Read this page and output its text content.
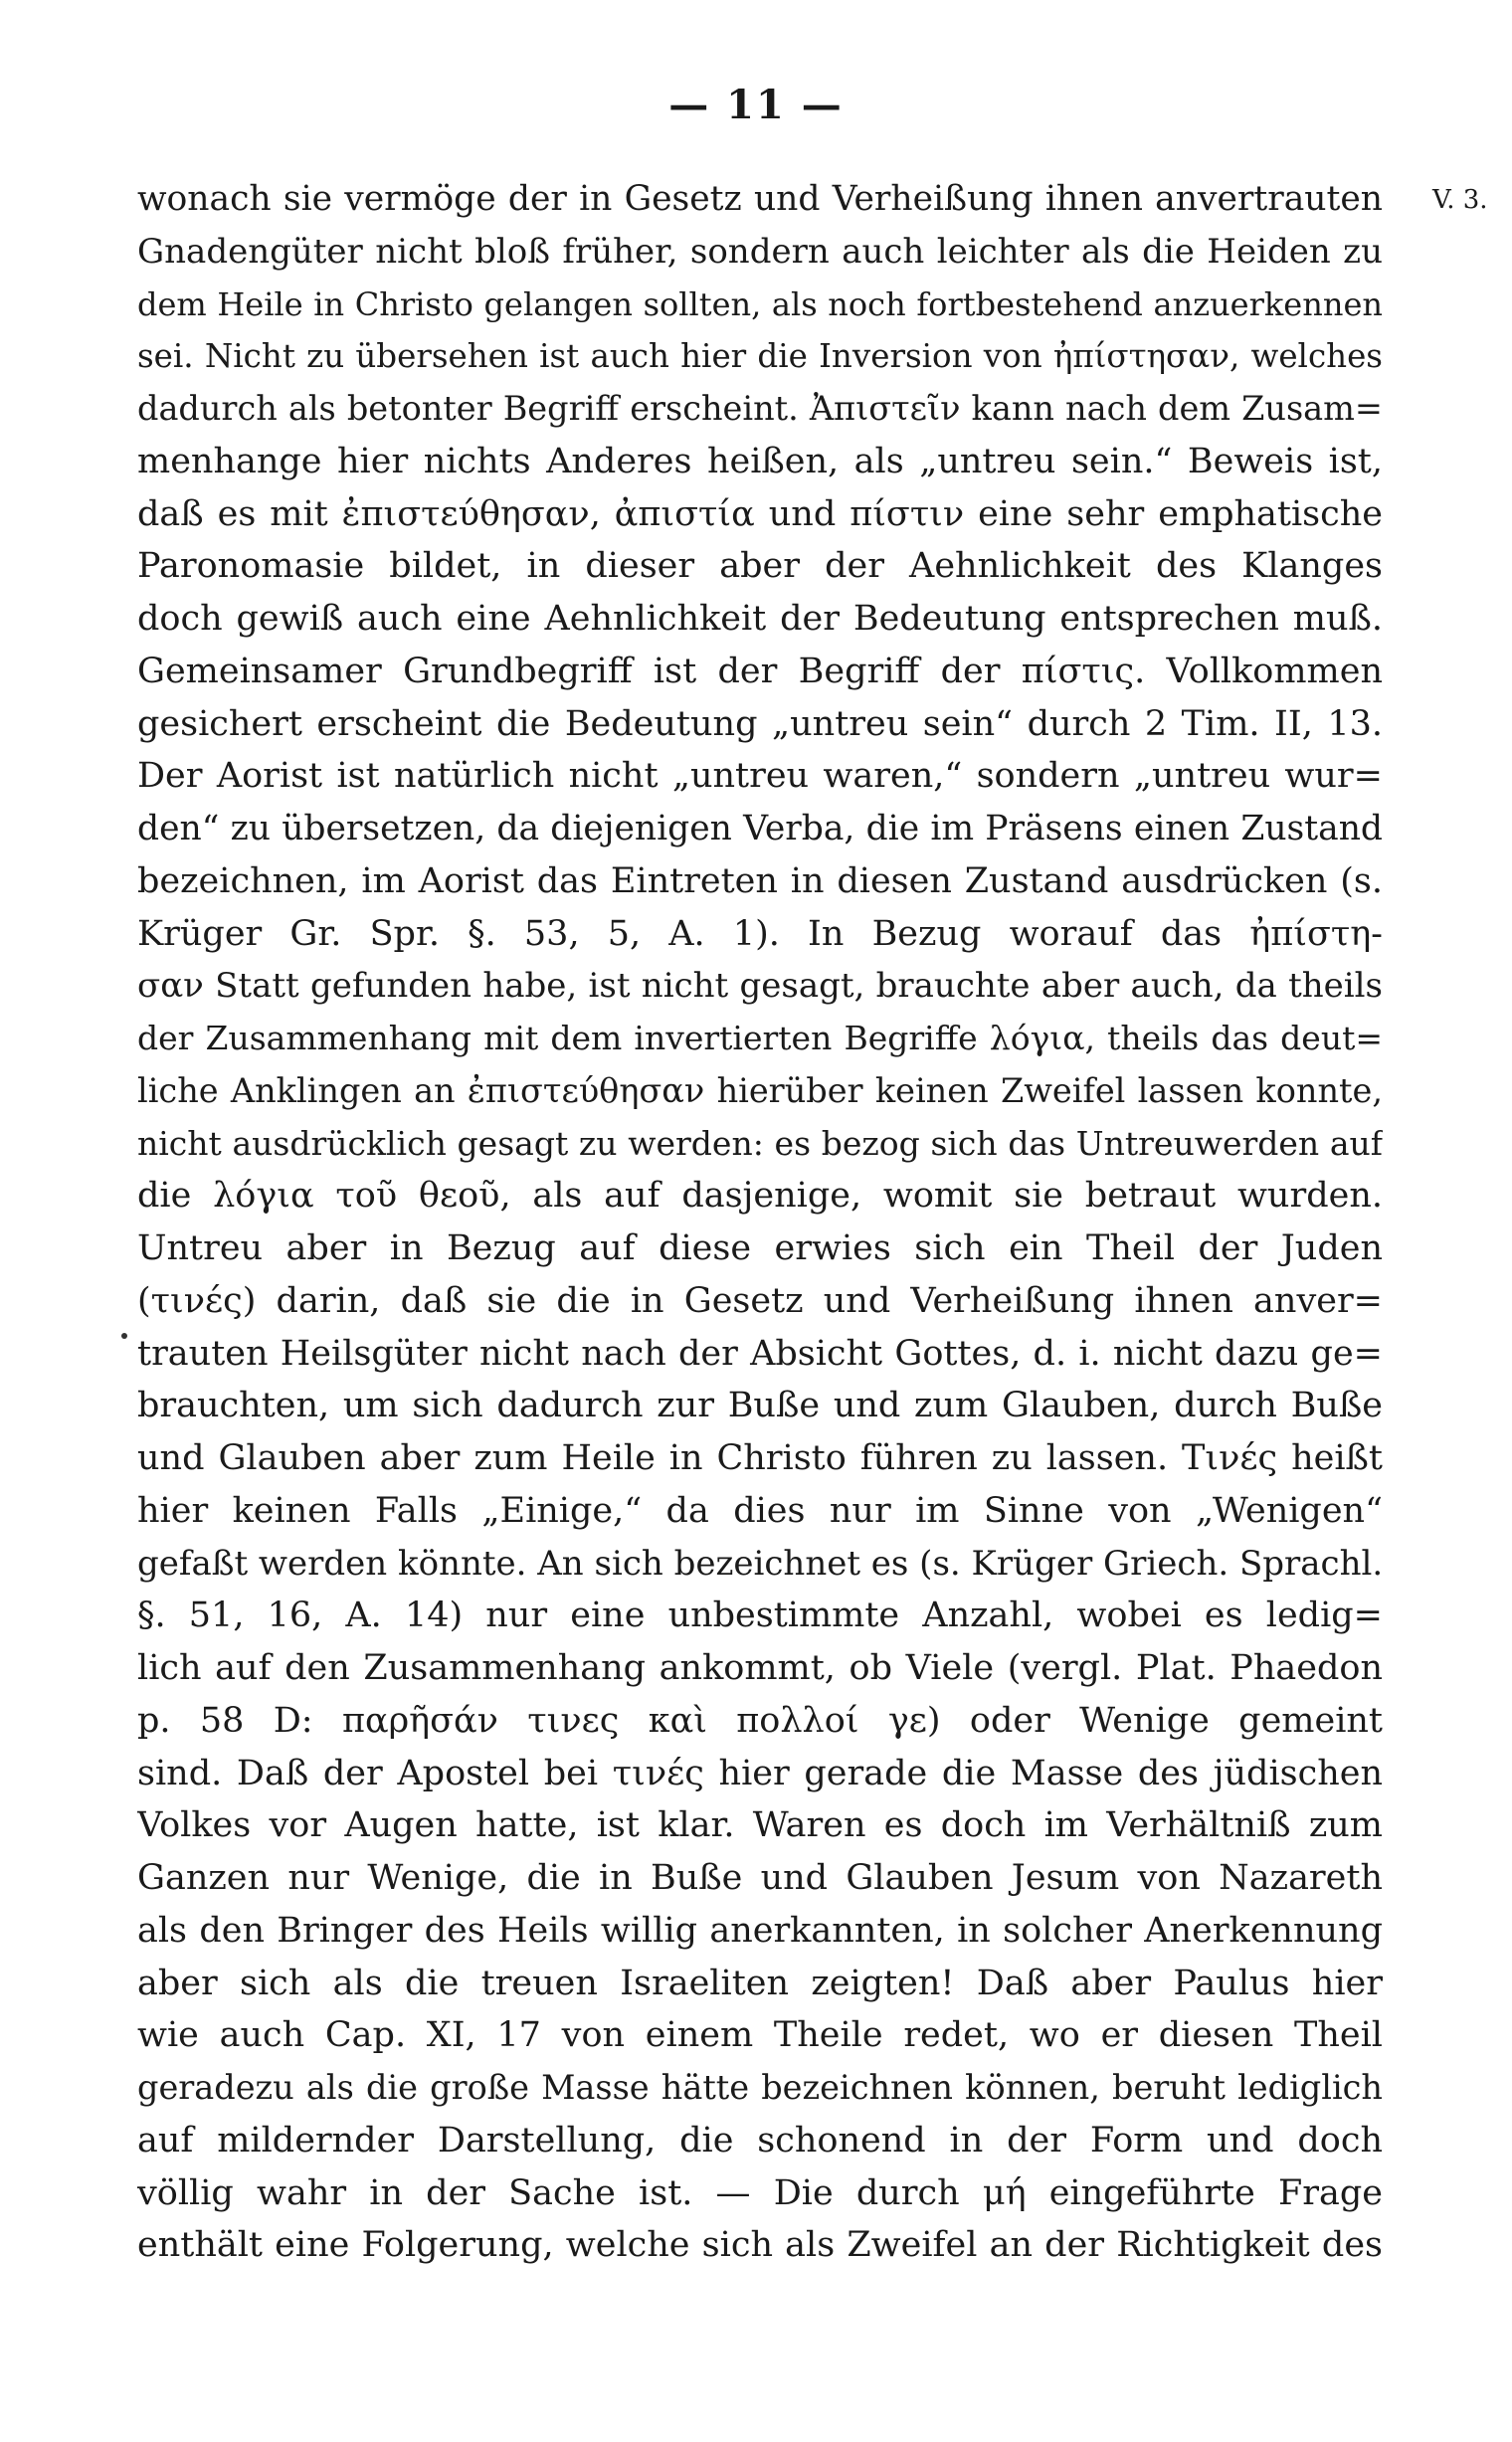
— 11 —
V. 3.
wonach sie vermöge der in Gesetz und Verheißung ihnen anvertrauten
Gnadengüter nicht bloß früher, sondern auch leichter als die Heiden zu
dem Heile in Christo gelangen sollten, als noch fortbestehend anzuerkennen
sei. Nicht zu übersehen ist auch hier die Inversion von ἠπίστησαν, welches
dadurch als betonter Begriff erscheint. Ἀπιστεῖν kann nach dem Zusam=
menhange hier nichts Anderes heißen, als „untreu sein.“ Beweis ist,
daß es mit ἐπιστεύθησαν, ἀπιστία und πίστιν eine sehr emphatische
Paronomasie bildet, in dieser aber der Aehnlichkeit des Klanges
doch gewiß auch eine Aehnlichkeit der Bedeutung entsprechen muß.
Gemeinsamer Grundbegriff ist der Begriff der πίστις. Vollkommen
gesichert erscheint die Bedeutung „untreu sein“ durch 2 Tim. II, 13.
Der Aorist ist natürlich nicht „untreu waren,“ sondern „untreu wur=
den“ zu übersetzen, da diejenigen Verba, die im Präsens einen Zustand
bezeichnen, im Aorist das Eintreten in diesen Zustand ausdrücken (s.
Krüger Gr. Spr. §. 53, 5, A. 1). In Bezug worauf das ἠπίστη-
σαν Statt gefunden habe, ist nicht gesagt, brauchte aber auch, da theils
der Zusammenhang mit dem invertierten Begriffe λόγια, theils das deut=
liche Anklingen an ἐπιστεύθησαν hierüber keinen Zweifel lassen konnte,
nicht ausdrücklich gesagt zu werden: es bezog sich das Untreuwerden auf
die λόγια τοῦ θεοῦ, als auf dasjenige, womit sie betraut wurden.
Untreu aber in Bezug auf diese erwies sich ein Theil der Juden
(τινές) darin, daß sie die in Gesetz und Verheißung ihnen anver=
trauten Heilsgüter nicht nach der Absicht Gottes, d. i. nicht dazu ge=
brauchten, um sich dadurch zur Buße und zum Glauben, durch Buße
und Glauben aber zum Heile in Christo führen zu lassen. Τινές heißt
hier keinen Falls „Einige,“ da dies nur im Sinne von „Wenigen“
gefaßt werden könnte. An sich bezeichnet es (s. Krüger Griech. Sprachl.
§. 51, 16, A. 14) nur eine unbestimmte Anzahl, wobei es ledig=
lich auf den Zusammenhang ankommt, ob Viele (vergl. Plat. Phaedon
p. 58 D: παρῆσάν τινες καὶ πολλοί γε) oder Wenige gemeint
sind. Daß der Apostel bei τινές hier gerade die Masse des jüdischen
Volkes vor Augen hatte, ist klar. Waren es doch im Verhältniß zum
Ganzen nur Wenige, die in Buße und Glauben Jesum von Nazareth
als den Bringer des Heils willig anerkannten, in solcher Anerkennung
aber sich als die treuen Israeliten zeigten! Daß aber Paulus hier
wie auch Cap. XI, 17 von einem Theile redet, wo er diesen Theil
geradezu als die große Masse hätte bezeichnen können, beruht lediglich
auf mildernder Darstellung, die schonend in der Form und doch
völlig wahr in der Sache ist. — Die durch μή eingeführte Frage
enthält eine Folgerung, welche sich als Zweifel an der Richtigkeit des
